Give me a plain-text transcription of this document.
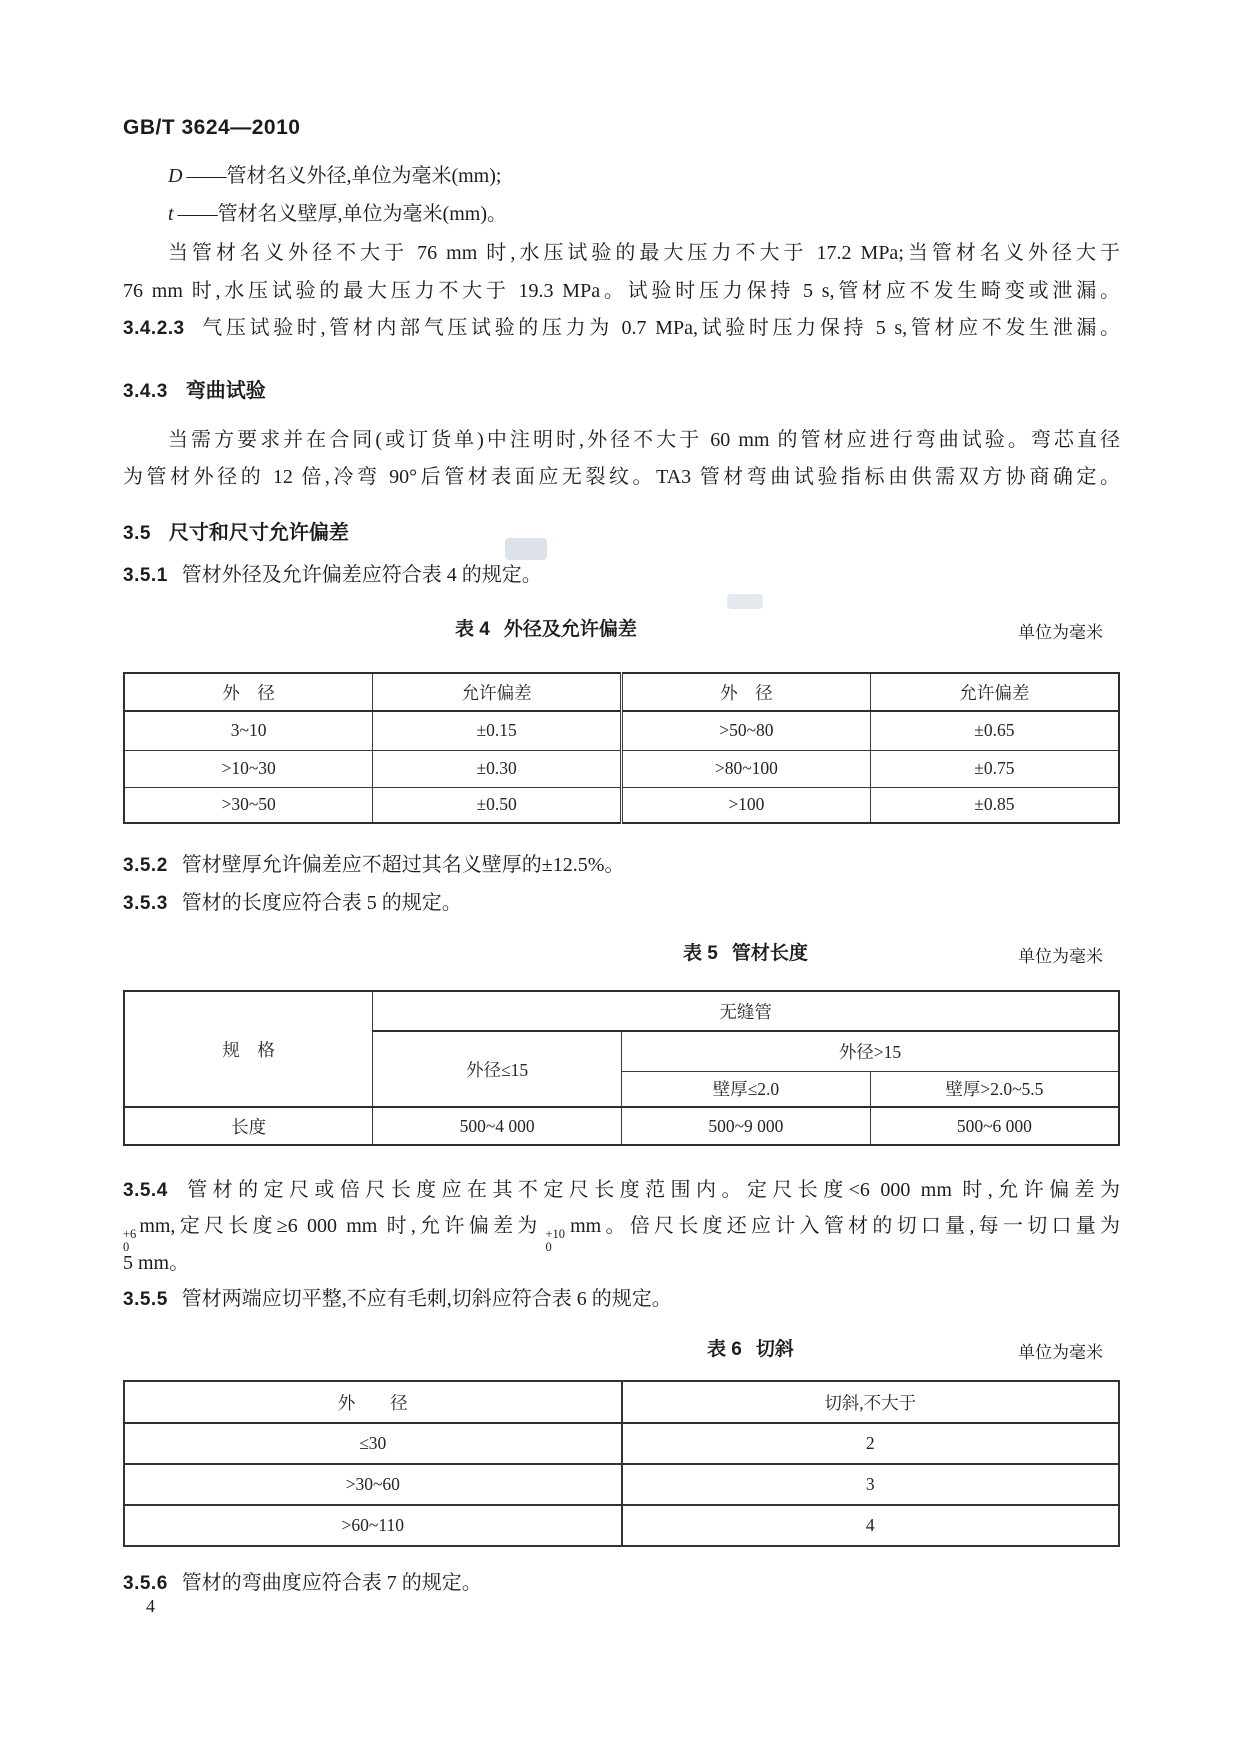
GB/T 3624—2010
D ——管材名义外径,单位为毫米(mm);
t ——管材名义壁厚,单位为毫米(mm)。
当管材名义外径不大于 76 mm 时,水压试验的最大压力不大于 17.2 MPa;当管材名义外径大于
76 mm 时,水压试验的最大压力不大于 19.3 MPa。试验时压力保持 5 s,管材应不发生畸变或泄漏。
3.4.2.3 气压试验时,管材内部气压试验的压力为 0.7 MPa,试验时压力保持 5 s,管材应不发生泄漏。
3.4.3 弯曲试验
当需方要求并在合同(或订货单)中注明时,外径不大于 60 mm 的管材应进行弯曲试验。弯芯直径
为管材外径的 12 倍,冷弯 90°后管材表面应无裂纹。TA3 管材弯曲试验指标由供需双方协商确定。
3.5 尺寸和尺寸允许偏差
3.5.1 管材外径及允许偏差应符合表 4 的规定。
表 4 外径及允许偏差	单位为毫米
外　径	允许偏差	外　径	允许偏差
3~10	±0.15	>50~80	±0.65
>10~30	±0.30	>80~100	±0.75
>30~50	±0.50	>100	±0.85
3.5.2 管材壁厚允许偏差应不超过其名义壁厚的±12.5%。
3.5.3 管材的长度应符合表 5 的规定。
表 5 管材长度	单位为毫米
规　格	无缝管		
	外径≤15	外径>15	
		壁厚≤2.0	壁厚>2.0~5.5
长度	500~4 000	500~9 000	500~6 000
3.5.4 管材的定尺或倍尺长度应在其不定尺长度范围内。定尺长度<6 000 mm 时,允许偏差为
+6
0
mm,定尺长度≥6 000 mm 时,允许偏差为 +10
0
mm。倍尺长度还应计入管材的切口量,每一切口量为
5 mm。
3.5.5 管材两端应切平整,不应有毛刺,切斜应符合表 6 的规定。
表 6 切斜	单位为毫米
外　　径	切斜,不大于
≤30	2
>30~60	3
>60~110	4
3.5.6 管材的弯曲度应符合表 7 的规定。
4
